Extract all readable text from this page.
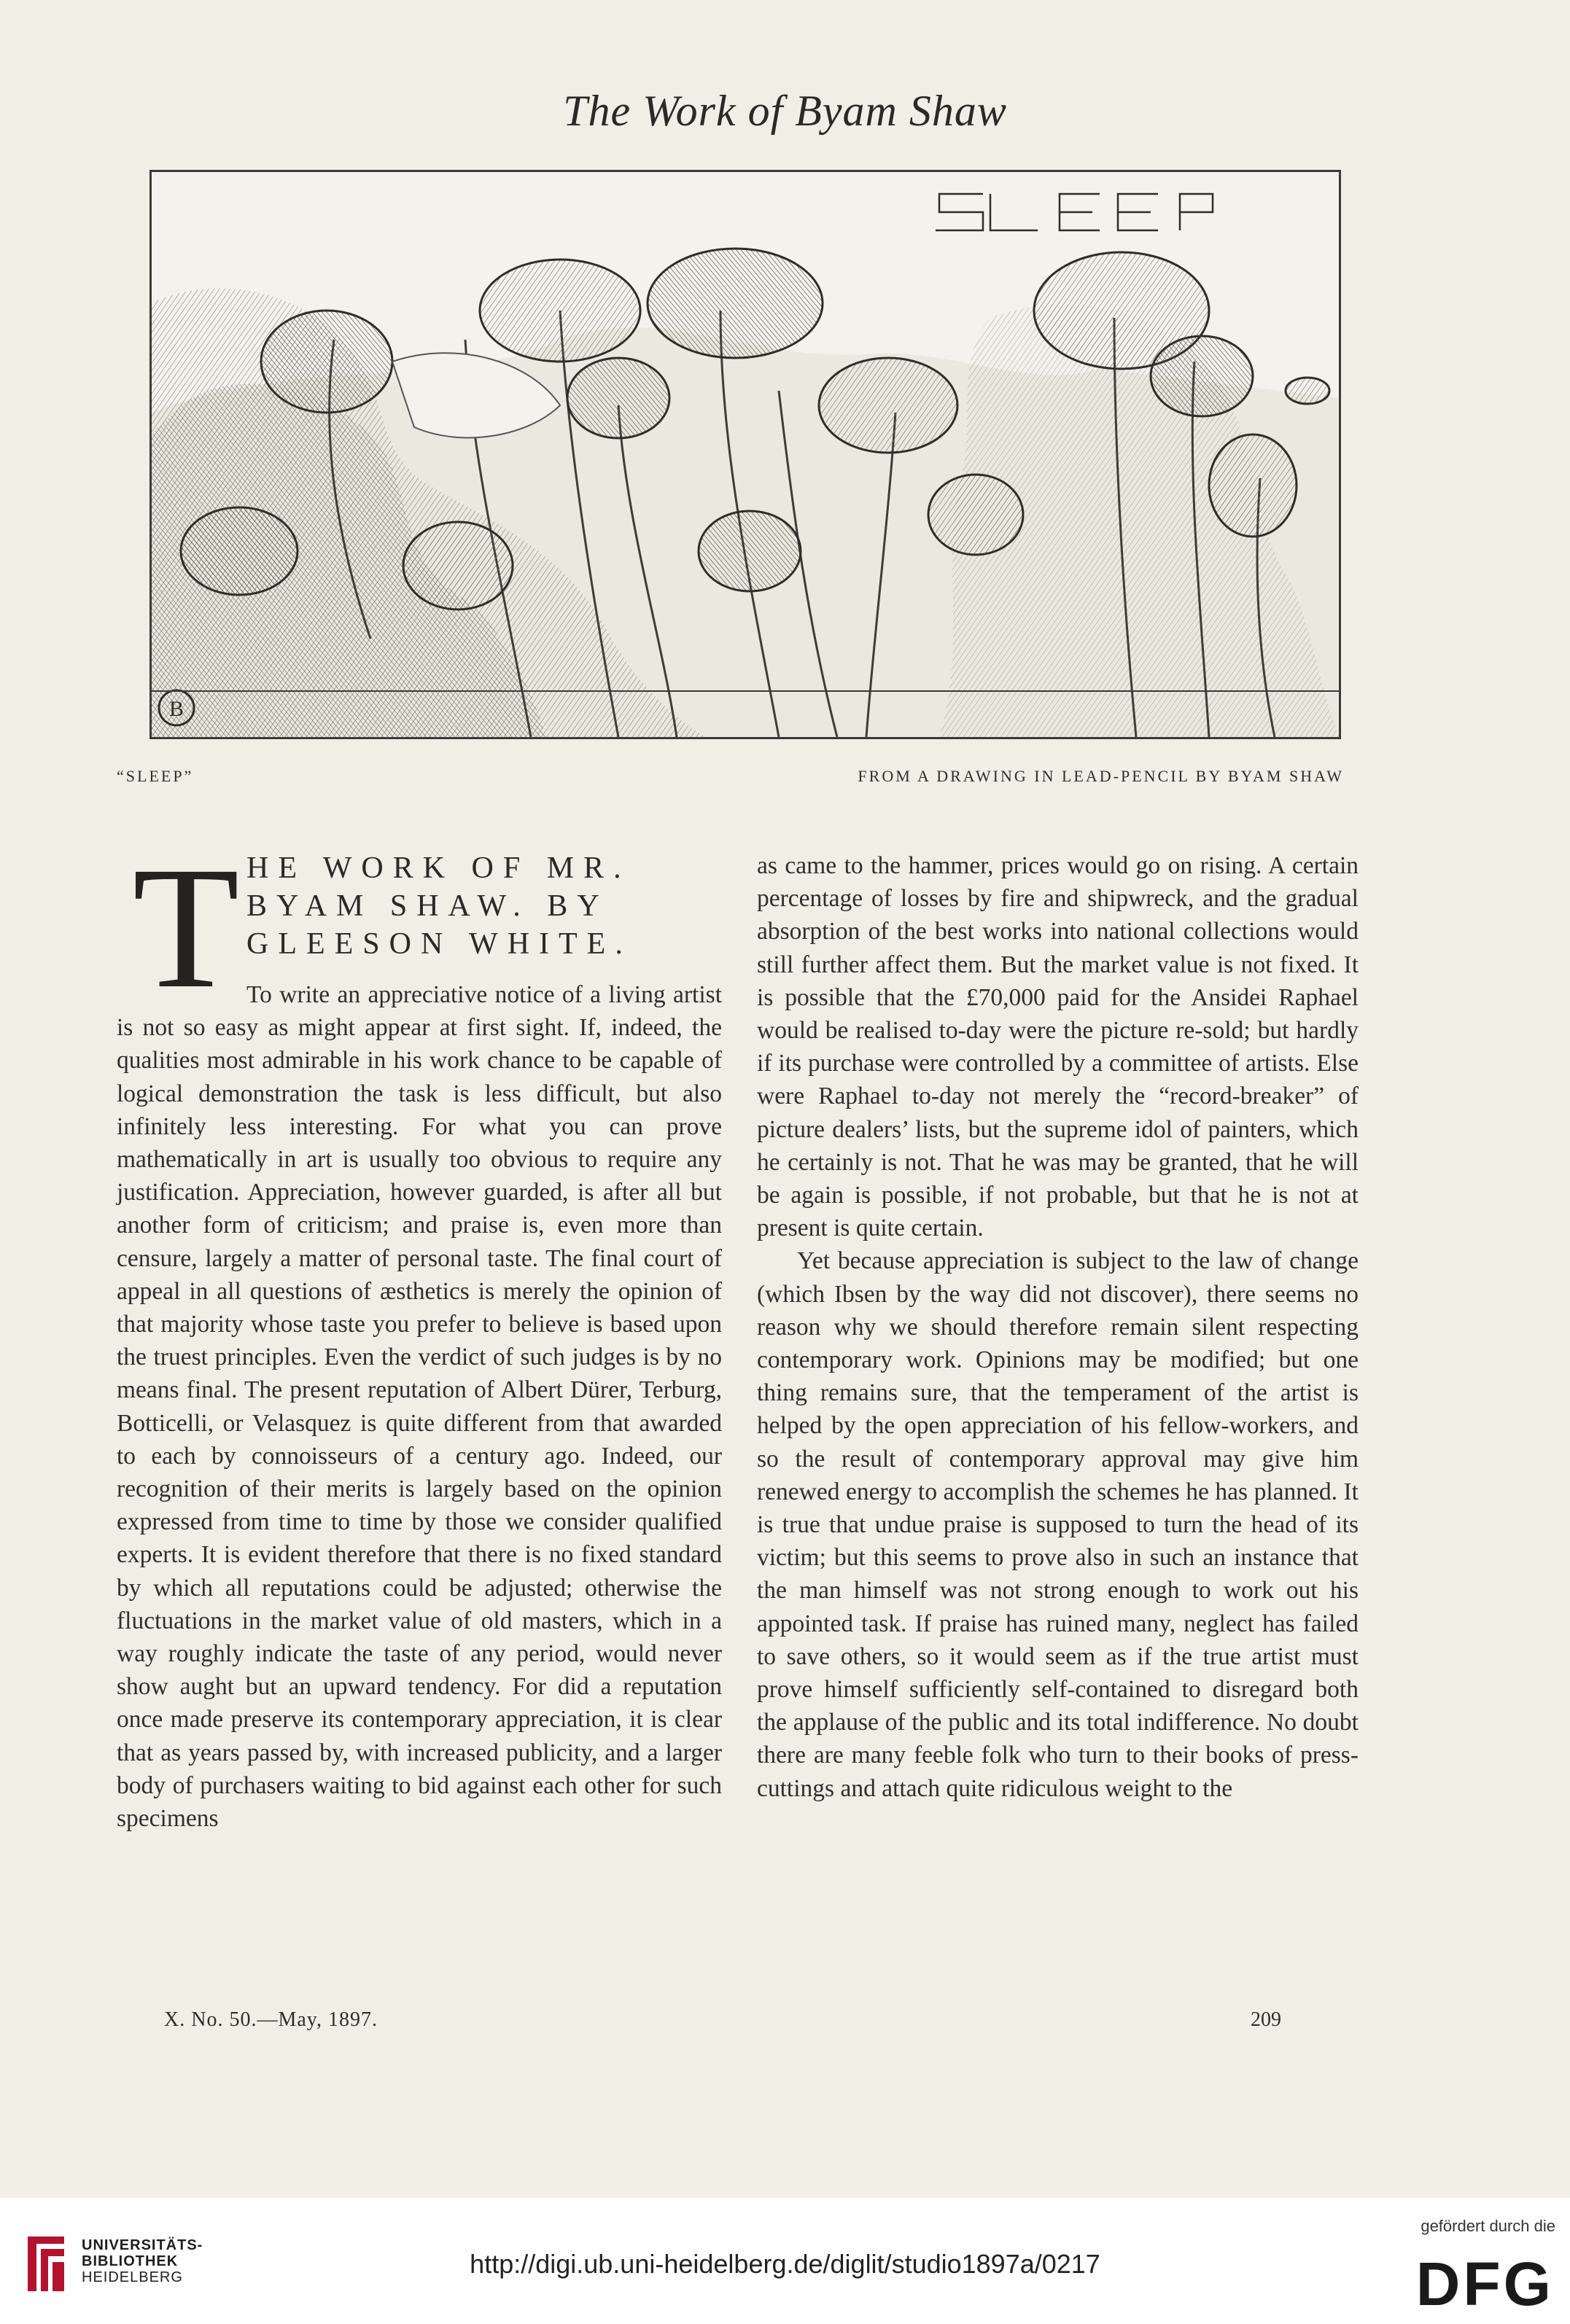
The Work of Byam Shaw
B
“SLEEP”	FROM A DRAWING IN LEAD-PENCIL BY BYAM SHAW
T HE WORK OF MR. BYAM SHAW. BY GLEESON WHITE.

To write an appreciative notice of a living artist is not so easy as might appear at first sight. If, indeed, the qualities most admirable in his work chance to be capable of logical demonstration the task is less difficult, but also infinitely less interesting. For what you can prove mathematically in art is usually too obvious to require any justification. Appreciation, however guarded, is after all but another form of criticism; and praise is, even more than censure, largely a matter of personal taste. The final court of appeal in all questions of æsthetics is merely the opinion of that majority whose taste you prefer to believe is based upon the truest principles. Even the verdict of such judges is by no means final. The present reputation of Albert Dürer, Terburg, Botticelli, or Velasquez is quite different from that awarded to each by connoisseurs of a century ago. Indeed, our recognition of their merits is largely based on the opinion expressed from time to time by those we consider qualified experts. It is evident therefore that there is no fixed standard by which all reputations could be adjusted; otherwise the fluctuations in the market value of old masters, which in a way roughly indicate the taste of any period, would never show aught but an upward tendency. For did a reputation once made preserve its contemporary appreciation, it is clear that as years passed by, with increased publicity, and a larger body of purchasers waiting to bid against each other for such specimens

as came to the hammer, prices would go on rising. A certain percentage of losses by fire and shipwreck, and the gradual absorption of the best works into national collections would still further affect them. But the market value is not fixed. It is possible that the £70,000 paid for the Ansidei Raphael would be realised to-day were the picture re-sold; but hardly if its purchase were controlled by a committee of artists. Else were Raphael to-day not merely the “record-breaker” of picture dealers’ lists, but the supreme idol of painters, which he certainly is not. That he was may be granted, that he will be again is possible, if not probable, but that he is not at present is quite certain.

Yet because appreciation is subject to the law of change (which Ibsen by the way did not discover), there seems no reason why we should therefore remain silent respecting contemporary work. Opinions may be modified; but one thing remains sure, that the temperament of the artist is helped by the open appreciation of his fellow-workers, and so the result of contemporary approval may give him renewed energy to accomplish the schemes he has planned. It is true that undue praise is supposed to turn the head of its victim; but this seems to prove also in such an instance that the man himself was not strong enough to work out his appointed task. If praise has ruined many, neglect has failed to save others, so it would seem as if the true artist must prove himself sufficiently self-contained to disregard both the applause of the public and its total indifference. No doubt there are many feeble folk who turn to their books of press-cuttings and attach quite ridiculous weight to the

X. No. 50.—May, 1897.	209
UNIVERSITÄTS-
BIBLIOTHEK
HEIDELBERG	http://digi.ub.uni-heidelberg.de/diglit/studio1897a/0217
gefördert durch die
DFG
